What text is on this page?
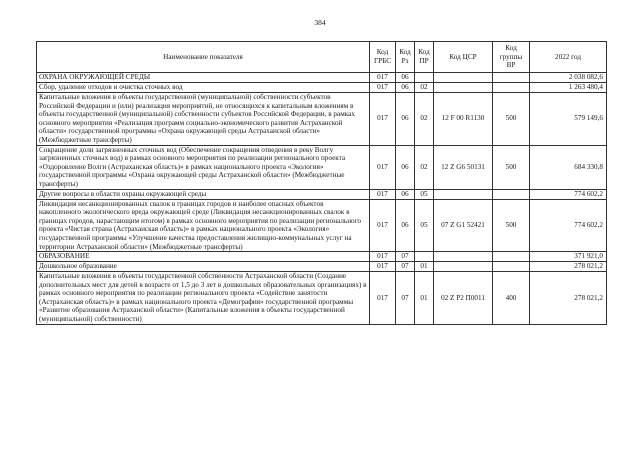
384
Наименование показателя	Код ГРБС	Код Рз	Код ПР	Код ЦСР	Код группы ВР	2022 год
ОХРАНА ОКРУЖАЮЩЕЙ СРЕДЫ	017	06				2 038 082,6
Сбор, удаление отходов и очистка сточных вод	017	06	02			1 263 480,4
Капитальные вложения в объекты государственной (муниципальной) собственности субъектов Российской Федерации и (или) реализация мероприятий, не относящихся к капитальным вложениям в объекты государственной (муниципальной) собственности субъектов Российской Федерации, в рамках основного мероприятия «Реализация программ социально-экономического развития Астраханской области» государственной программы «Охрана окружающей среды Астраханской области» (Межбюджетные трансферты)	017	06	02	12 F 00 R1130	500	579 149,6
Сокращение доли загрязненных сточных вод (Обеспечение сокращения отведения в реку Волгу загрязненных сточных вод) в рамках основного мероприятия по реализации регионального проекта «Оздоровление Волги (Астраханская область)» в рамках национального проекта «Экология» государственной программы «Охрана окружающей среды Астраханской области» (Межбюджетные трансферты)	017	06	02	12 Z G6 50131	500	684 330,8
Другие вопросы в области охраны окружающей среды	017	06	05			774 602,2
Ликвидация несанкционированных свалок в границах городов и наиболее опасных объектов накопленного экологического вреда окружающей среде (Ликвидация несанкционированных свалок в границах городов, нарастающим итогом) в рамках основного мероприятия по реализации регионального проекта «Чистая страна (Астраханская область)» в рамках национального проекта «Экология» государственной программы «Улучшение качества предоставления жилищно-коммунальных услуг на территории Астраханской области» (Межбюджетные трансферты)	017	06	05	07 Z G1 52421	500	774 602,2
ОБРАЗОВАНИЕ	017	07				371 921,0
Дошкольное образование	017	07	01			278 021,2
Капитальные вложения в объекты государственной собственности Астраханской области (Создание дополнительных мест для детей в возрасте от 1,5 до 3 лет в дошкольных образовательных организациях) в рамках основного мероприятия по реализации регионального проекта «Содействие занятости (Астраханская область)» в рамках национального проекта «Демография» государственной программы «Развитие образования Астраханской области» (Капитальные вложения в объекты государственной (муниципальной) собственности)	017	07	01	02 Z P2 П0011	400	278 021,2
